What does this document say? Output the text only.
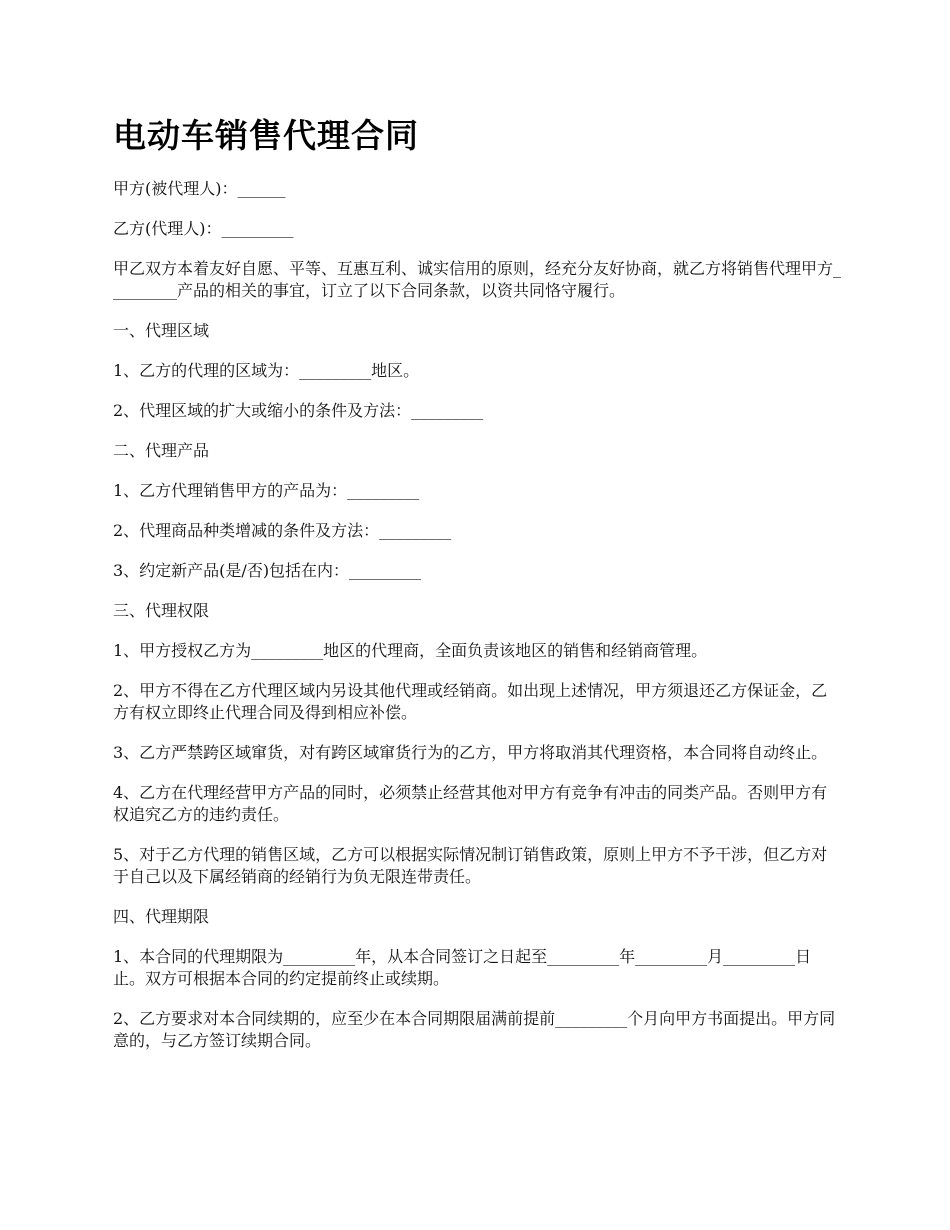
电动车销售代理合同

甲方(被代理人)：______

乙方(代理人)：_________

甲乙双方本着友好自愿、平等、互惠互利、诚实信用的原则，经充分友好协商，就乙方将销售代理甲方_________产品的相关的事宜，订立了以下合同条款，以资共同恪守履行。

一、代理区域

1、乙方的代理的区域为：_________地区。

2、代理区域的扩大或缩小的条件及方法：_________

二、代理产品

1、乙方代理销售甲方的产品为：_________

2、代理商品种类增减的条件及方法：_________

3、约定新产品(是/否)包括在内：_________

三、代理权限

1、甲方授权乙方为_________地区的代理商，全面负责该地区的销售和经销商管理。

2、甲方不得在乙方代理区域内另设其他代理或经销商。如出现上述情况，甲方须退还乙方保证金，乙方有权立即终止代理合同及得到相应补偿。

3、乙方严禁跨区域窜货，对有跨区域窜货行为的乙方，甲方将取消其代理资格，本合同将自动终止。

4、乙方在代理经营甲方产品的同时，必须禁止经营其他对甲方有竞争有冲击的同类产品。否则甲方有权追究乙方的违约责任。

5、对于乙方代理的销售区域，乙方可以根据实际情况制订销售政策，原则上甲方不予干涉，但乙方对于自己以及下属经销商的经销行为负无限连带责任。

四、代理期限

1、本合同的代理期限为_________年，从本合同签订之日起至_________年_________月_________日止。双方可根据本合同的约定提前终止或续期。

2、乙方要求对本合同续期的，应至少在本合同期限届满前提前_________个月向甲方书面提出。甲方同意的，与乙方签订续期合同。
